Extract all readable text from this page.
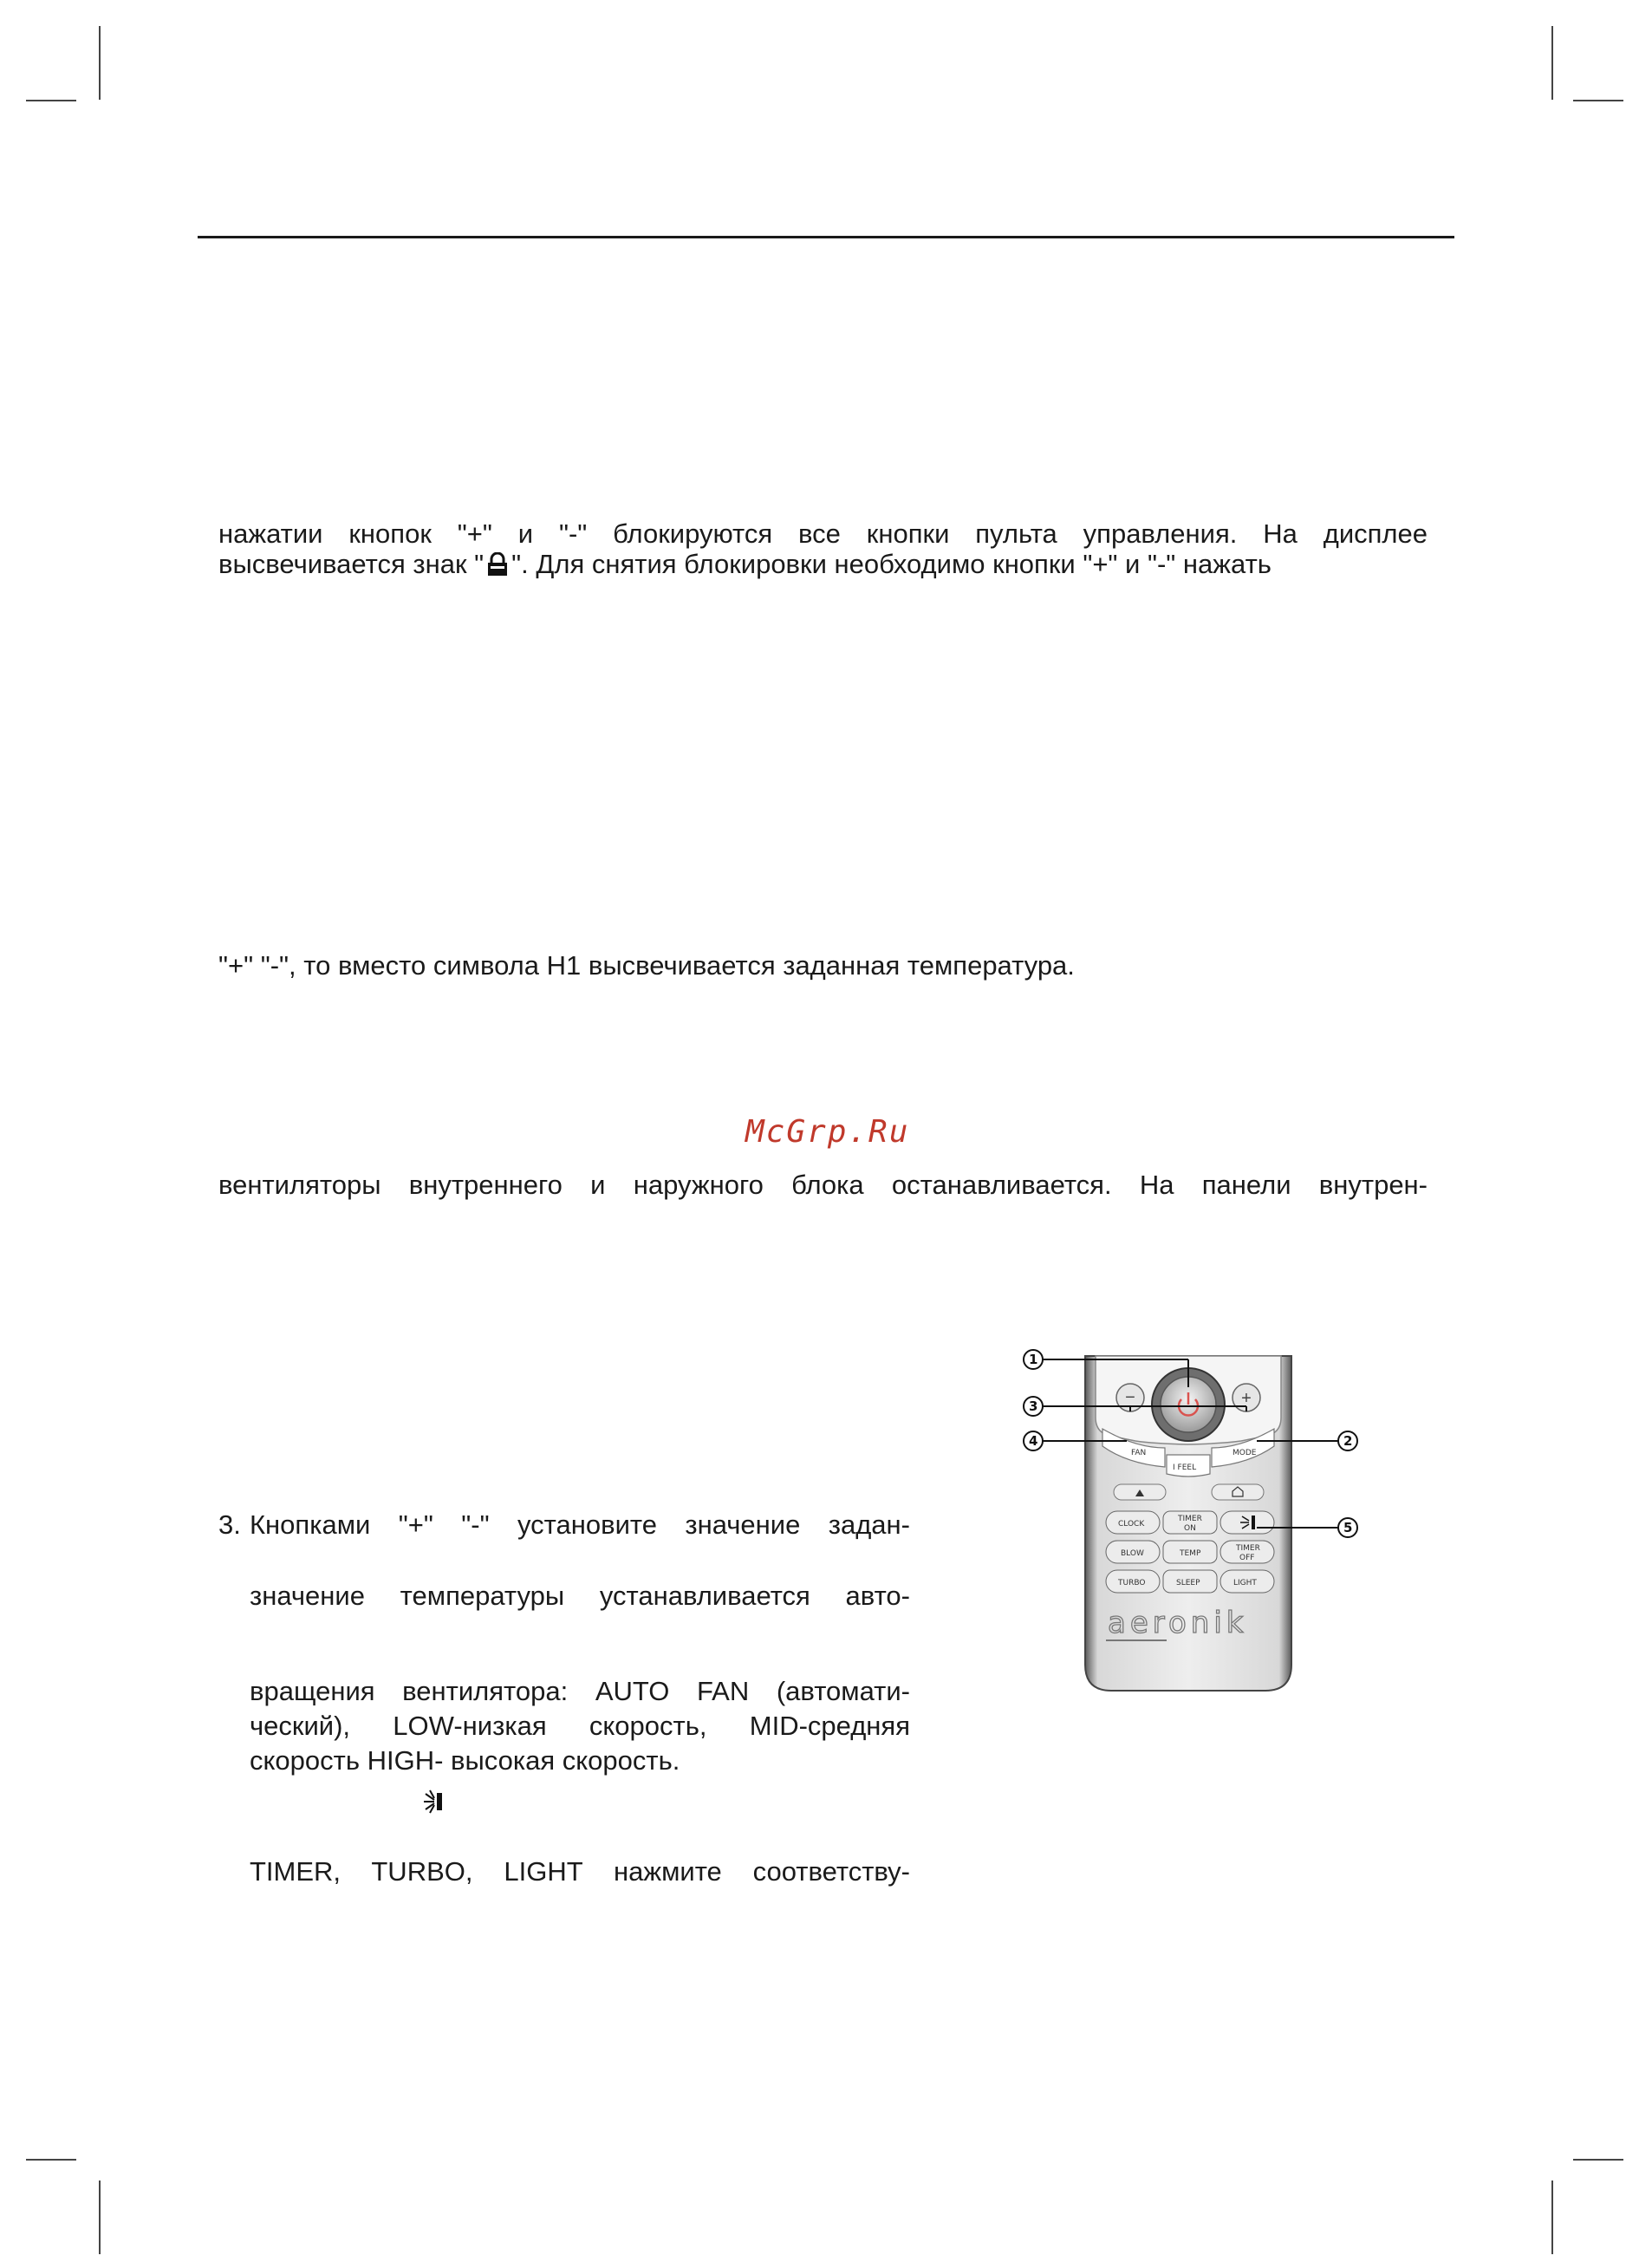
нажатии кнопок "+" и "-" блокируются все кнопки пульта управления. На дисплее
высвечивается знак " ". Для снятия блокировки необходимо кнопки "+" и "-" нажать
"+" "-", то вместо символа Н1 высвечивается заданная температура.
McGrp.Ru
вентиляторы внутреннего и наружного блока останавливается. На панели внутрен-
3. Кнопками "+" "-" установите значение задан-
значение температуры устанавливается авто-
вращения вентилятора: AUTO FAN (автомати-
ческий), LOW-низкая скорость, MID-средняя
скорость HIGH- высокая скорость.
TIMER, TURBO, LIGHT нажмите соответству-
−	+
FAN	MODE
I FEEL
CLOCK
TIMER
ON
BLOW	TEMP
TIMER
OFF
TURBO	SLEEP	LIGHT
aeronik
1
3
4	2
5
